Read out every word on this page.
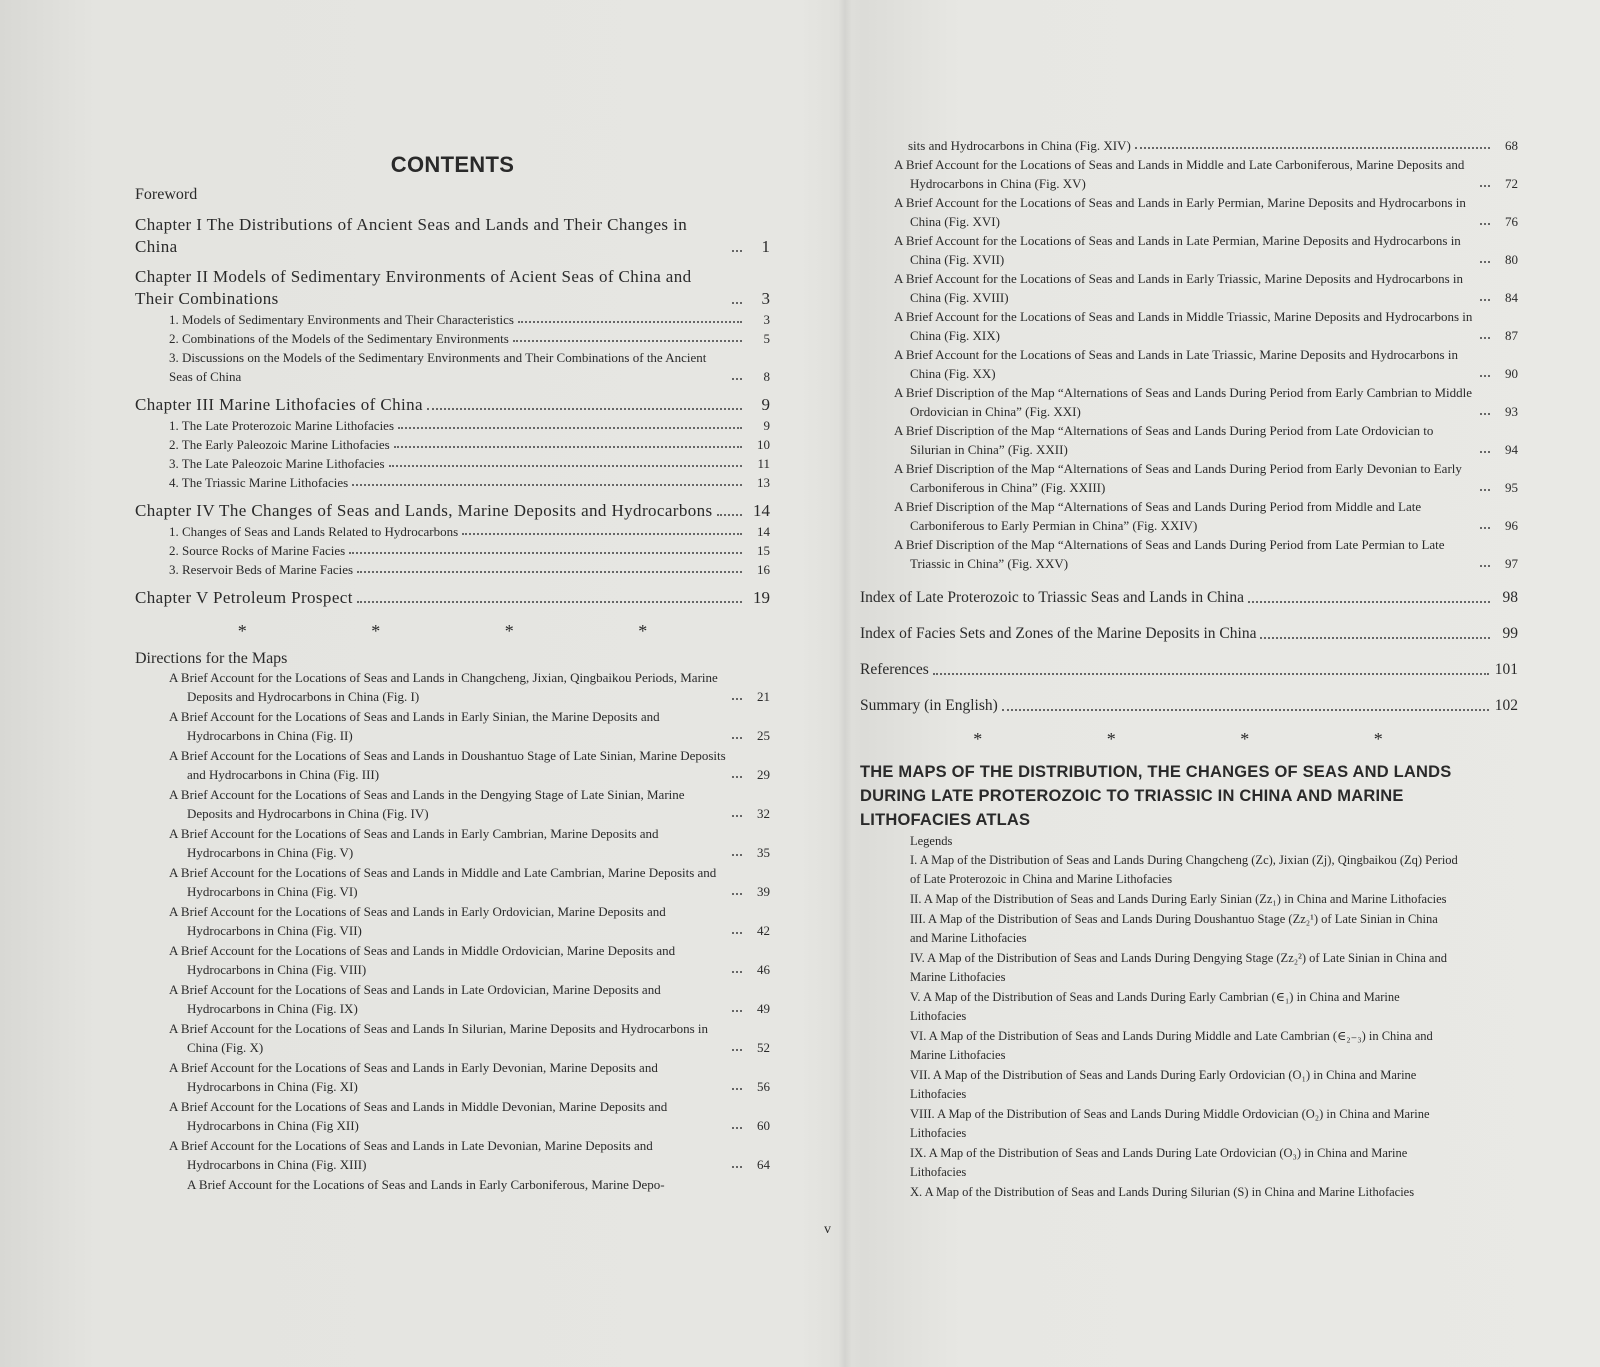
CONTENTS
Foreword
Chapter I The Distributions of Ancient Seas and Lands and Their Changes in China	1
Chapter II Models of Sedimentary Environments of Acient Seas of China and Their Combinations	3
1. Models of Sedimentary Environments and Their Characteristics	3
2. Combinations of the Models of the Sedimentary Environments	5
3. Discussions on the Models of the Sedimentary Environments and Their Combinations of the Ancient Seas of China	8
Chapter III Marine Lithofacies of China	9
1. The Late Proterozoic Marine Lithofacies	9
2. The Early Paleozoic Marine Lithofacies	10
3. The Late Paleozoic Marine Lithofacies	11
4. The Triassic Marine Lithofacies	13
Chapter IV The Changes of Seas and Lands, Marine Deposits and Hydrocarbons 14
1. Changes of Seas and Lands Related to Hydrocarbons	14
2. Source Rocks of Marine Facies	15
3. Reservoir Beds of Marine Facies	16
Chapter V Petroleum Prospect	19
* * * *
Directions for the Maps
A Brief Account for the Locations of Seas and Lands in Changcheng, Jixian, Qingbaikou Periods, Marine Deposits and Hydrocarbons in China (Fig. I)	21
A Brief Account for the Locations of Seas and Lands in Early Sinian, the Marine Deposits and Hydrocarbons in China (Fig. II)	25
A Brief Account for the Locations of Seas and Lands in Doushantuo Stage of Late Sinian, Marine Deposits and Hydrocarbons in China (Fig. III)	29
A Brief Account for the Locations of Seas and Lands in the Dengying Stage of Late Sinian, Marine Deposits and Hydrocarbons in China (Fig. IV)	32
A Brief Account for the Locations of Seas and Lands in Early Cambrian, Marine Deposits and Hydrocarbons in China (Fig. V)	35
A Brief Account for the Locations of Seas and Lands in Middle and Late Cambrian, Marine Deposits and Hydrocarbons in China (Fig. VI)	39
A Brief Account for the Locations of Seas and Lands in Early Ordovician, Marine Deposits and Hydrocarbons in China (Fig. VII)	42
A Brief Account for the Locations of Seas and Lands in Middle Ordovician, Marine Deposits and Hydrocarbons in China (Fig. VIII)	46
A Brief Account for the Locations of Seas and Lands in Late Ordovician, Marine Deposits and Hydrocarbons in China (Fig. IX)	49
A Brief Account for the Locations of Seas and Lands In Silurian, Marine Deposits and Hydrocarbons in China (Fig. X)	52
A Brief Account for the Locations of Seas and Lands in Early Devonian, Marine Deposits and Hydrocarbons in China (Fig. XI)	56
A Brief Account for the Locations of Seas and Lands in Middle Devonian, Marine Deposits and Hydrocarbons in China (Fig XII)	60
A Brief Account for the Locations of Seas and Lands in Late Devonian, Marine Deposits and Hydrocarbons in China (Fig. XIII)	64
A Brief Account for the Locations of Seas and Lands in Early Carboniferous, Marine Depo-
sits and Hydrocarbons in China (Fig. XIV)	68
A Brief Account for the Locations of Seas and Lands in Middle and Late Carboniferous, Marine Deposits and Hydrocarbons in China (Fig. XV)	72
A Brief Account for the Locations of Seas and Lands in Early Permian, Marine Deposits and Hydrocarbons in China (Fig. XVI)	76
A Brief Account for the Locations of Seas and Lands in Late Permian, Marine Deposits and Hydrocarbons in China (Fig. XVII)	80
A Brief Account for the Locations of Seas and Lands in Early Triassic, Marine Deposits and Hydrocarbons in China (Fig. XVIII)	84
A Brief Account for the Locations of Seas and Lands in Middle Triassic, Marine Deposits and Hydrocarbons in China (Fig. XIX)	87
A Brief Account for the Locations of Seas and Lands in Late Triassic, Marine Deposits and Hydrocarbons in China (Fig. XX)	90
A Brief Discription of the Map “Alternations of Seas and Lands During Period from Early Cambrian to Middle Ordovician in China” (Fig. XXI)	93
A Brief Discription of the Map “Alternations of Seas and Lands During Period from Late Ordovician to Silurian in China” (Fig. XXII)	94
A Brief Discription of the Map “Alternations of Seas and Lands During Period from Early Devonian to Early Carboniferous in China” (Fig. XXIII)	95
A Brief Discription of the Map “Alternations of Seas and Lands During Period from Middle and Late Carboniferous to Early Permian in China” (Fig. XXIV)	96
A Brief Discription of the Map “Alternations of Seas and Lands During Period from Late Permian to Late Triassic in China” (Fig. XXV)	97
Index of Late Proterozoic to Triassic Seas and Lands in China	98
Index of Facies Sets and Zones of the Marine Deposits in China	99
References	101
Summary (in English)	102
* * * *
THE MAPS OF THE DISTRIBUTION, THE CHANGES OF SEAS AND LANDS DURING LATE PROTEROZOIC TO TRIASSIC IN CHINA AND MARINE LITHOFACIES ATLAS
Legends
I. A Map of the Distribution of Seas and Lands During Changcheng (Zc), Jixian (Zj), Qingbaikou (Zq) Period of Late Proterozoic in China and Marine Lithofacies
II. A Map of the Distribution of Seas and Lands During Early Sinian (Zz₁) in China and Marine Lithofacies
III. A Map of the Distribution of Seas and Lands During Doushantuo Stage (Zz₂¹) of Late Sinian in China and Marine Lithofacies
IV. A Map of the Distribution of Seas and Lands During Dengying Stage (Zz₂²) of Late Sinian in China and Marine Lithofacies
V. A Map of the Distribution of Seas and Lands During Early Cambrian (∈₁) in China and Marine Lithofacies
VI. A Map of the Distribution of Seas and Lands During Middle and Late Cambrian (∈₂₋₃) in China and Marine Lithofacies
VII. A Map of the Distribution of Seas and Lands During Early Ordovician (O₁) in China and Marine Lithofacies
VIII. A Map of the Distribution of Seas and Lands During Middle Ordovician (O₂) in China and Marine Lithofacies
IX. A Map of the Distribution of Seas and Lands During Late Ordovician (O₃) in China and Marine Lithofacies
X. A Map of the Distribution of Seas and Lands During Silurian (S) in China and Marine Lithofacies
v
